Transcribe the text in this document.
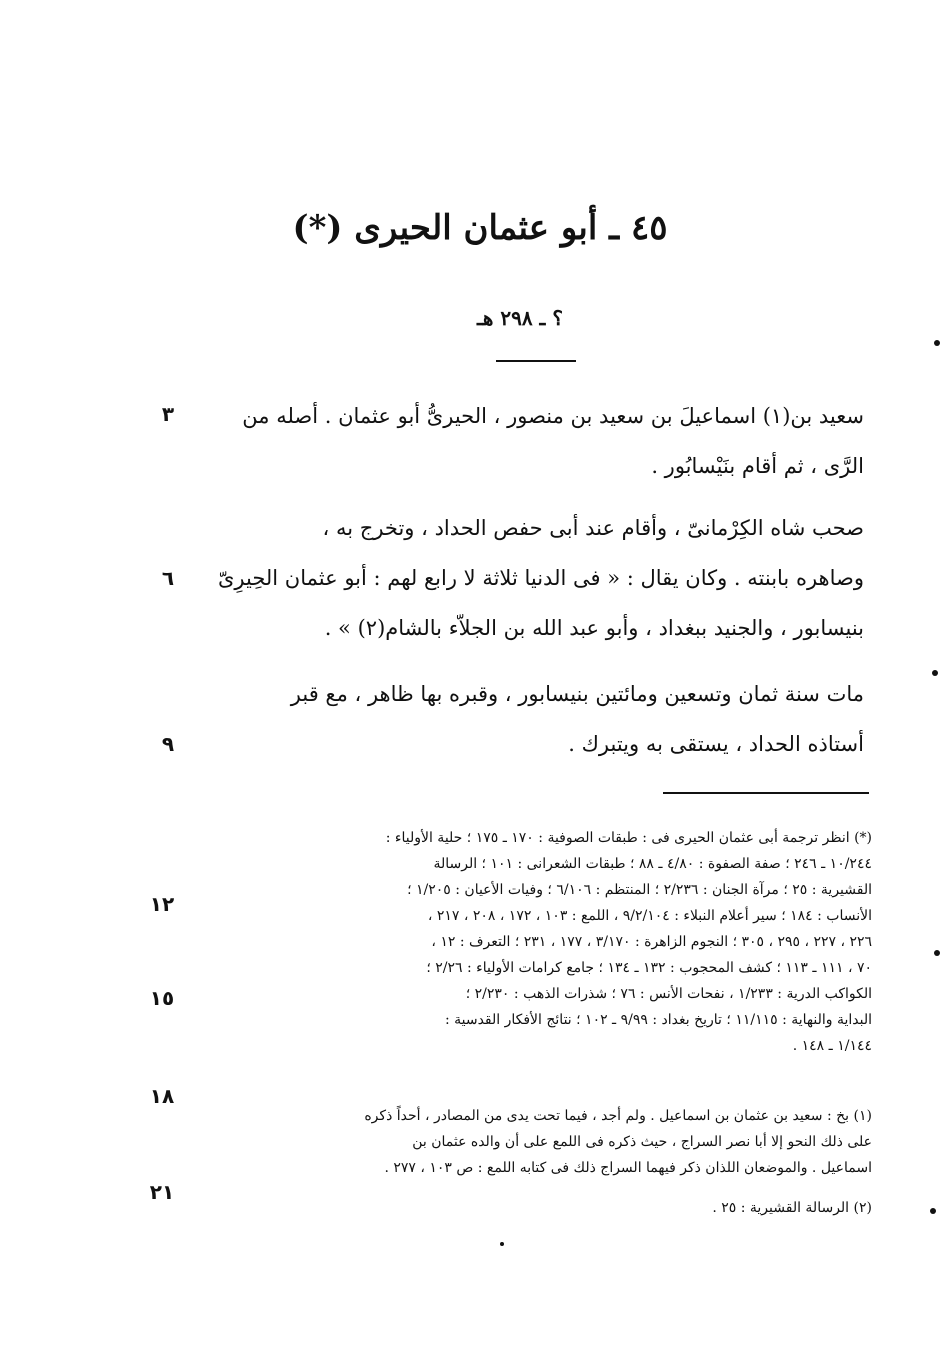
٤٥ ـ أبو عثمان الحيرى (*)
؟ ـ ٢٩٨ هـ
سعيد بن(١) اسماعيلَ بن سعيد بن منصور ، الحيرىُّ أبو عثمان . أصله من
الرَّى ، ثم أقام بنَيْسابُور .
صحب شاه الكِرْمانىّ ، وأقام عند أبى حفص الحداد ، وتخرج به ،
وصاهره بابنته . وكان يقال : « فى الدنيا ثلاثة لا رابع لهم : أبو عثمان الحِيرِىّ
بنيسابور ، والجنيد ببغداد ، وأبو عبد الله بن الجلاَّء بالشام(٢) » .
مات سنة ثمان وتسعين ومائتين بنيسابور ، وقبره بها ظاهر ، مع قبر
أستاذه الحداد ، يستقى به ويتبرك .
٣
٦
٩
١٢
١٥
١٨
٢١
(*) انظر ترجمة أبى عثمان الحيرى فى : طبقات الصوفية : ١٧٠ ـ ١٧٥ ؛ حلية الأولياء :
١٠/٢٤٤ ـ ٢٤٦ ؛ صفة الصفوة : ٤/٨٠ ـ ٨٨ ؛ طبقات الشعرانى : ١٠١ ؛ الرسالة
القشيرية : ٢٥ ؛ مرآة الجنان : ٢/٢٣٦ ؛ المنتظم : ٦/١٠٦ ؛ وفيات الأعيان : ١/٢٠٥ ؛
الأنساب : ١٨٤ ؛ سير أعلام النبلاء : ٩/٢/١٠٤ ، اللمع : ١٠٣ ، ١٧٢ ، ٢٠٨ ، ٢١٧ ،
٢٢٦ ، ٢٢٧ ، ٢٩٥ ، ٣٠٥ ؛ النجوم الزاهرة : ٣/١٧٠ ، ١٧٧ ، ٢٣١ ؛ التعرف : ١٢ ،
٧٠ ، ١١١ ـ ١١٣ ؛ كشف المحجوب : ١٣٢ ـ ١٣٤ ؛ جامع كرامات الأولياء : ٢/٢٦ ؛
الكواكب الدرية : ١/٢٣٣ ، نفحات الأنس : ٧٦ ؛ شذرات الذهب : ٢/٢٣٠ ؛
البداية والنهاية : ١١/١١٥ ؛ تاريخ بغداد : ٩/٩٩ ـ ١٠٢ ؛ نتائج الأفكار القدسية :
١/١٤٤ ـ ١٤٨ .
(١) بخ : سعيد بن عثمان بن اسماعيل . ولم أجد ، فيما تحت يدى من المصادر ، أحداً ذكره
على ذلك النحو إلا أبا نصر السراج ، حيث ذكره فى اللمع على أن والده عثمان بن
اسماعيل . والموضعان اللذان ذكر فيهما السراج ذلك فى كتابه اللمع : ص ١٠٣ ، ٢٧٧ .
(٢) الرسالة القشيرية : ٢٥ .
